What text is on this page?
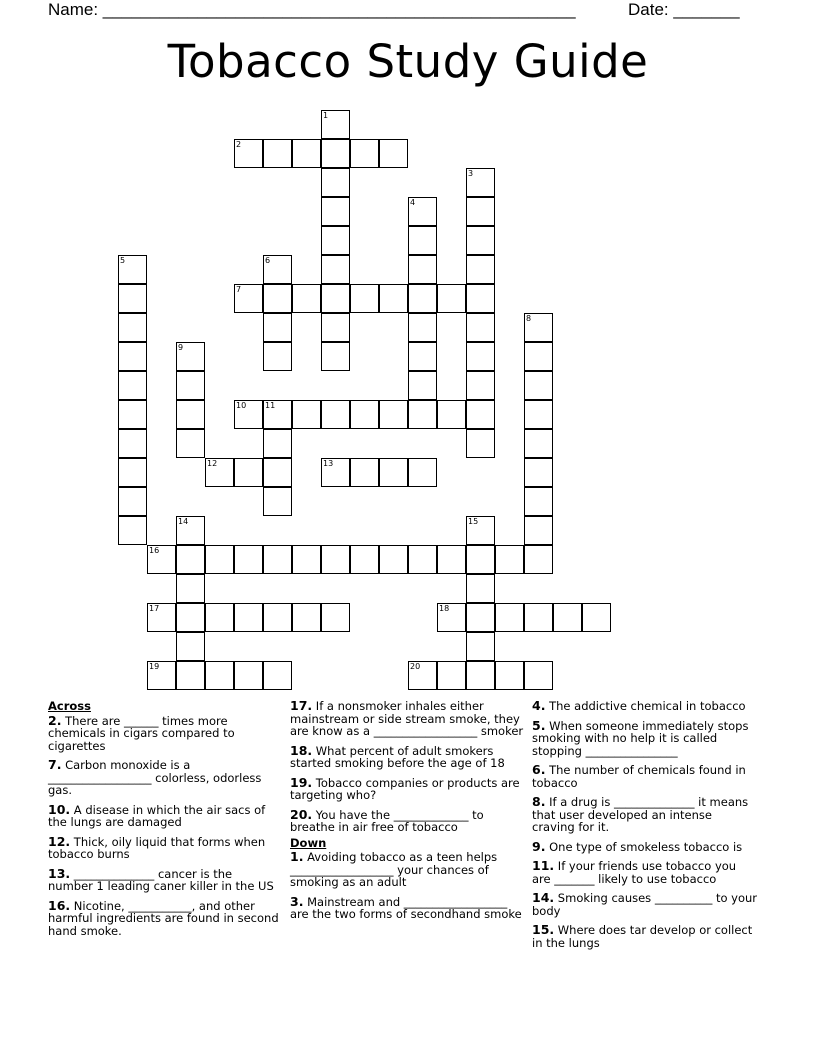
Name: __________________________________________________	Date: _______
Tobacco Study Guide
1
2
3
4
5	6
7
8
9
10 11
12	13
14	15
16
17	18
19	20
Across
2. There are ______ times more chemicals in cigars compared to cigarettes
7. Carbon monoxide is a __________________ colorless, odorless gas.
10. A disease in which the air sacs of the lungs are damaged
12. Thick, oily liquid that forms when tobacco burns
13. ______________ cancer is the number 1 leading caner killer in the US
16. Nicotine, ___________, and other harmful ingredients are found in second hand smoke.
17. If a nonsmoker inhales either mainstream or side stream smoke, they are know as a __________________ smoker
18. What percent of adult smokers started smoking before the age of 18
19. Tobacco companies or products are targeting who?
20. You have the _____________ to breathe in air free of tobacco
Down
1. Avoiding tobacco as a teen helps __________________ your chances of smoking as an adult
3. Mainstream and __________________ are the two forms of secondhand smoke
4. The addictive chemical in tobacco
5. When someone immediately stops smoking with no help it is called stopping ________________
6. The number of chemicals found in tobacco
8. If a drug is ______________ it means that user developed an intense craving for it.
9. One type of smokeless tobacco is
11. If your friends use tobacco you are _______ likely to use tobacco
14. Smoking causes __________ to your body
15. Where does tar develop or collect in the lungs
